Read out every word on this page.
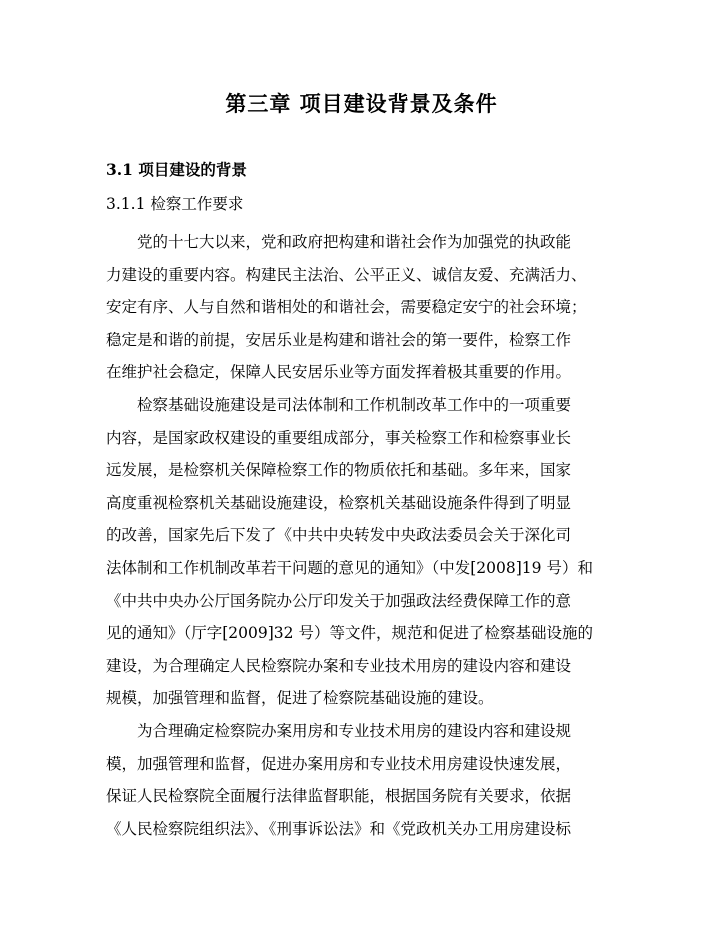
第三章 项目建设背景及条件
3.1 项目建设的背景
3.1.1 检察工作要求
　　党的十七大以来，党和政府把构建和谐社会作为加强党的执政能
力建设的重要内容。构建民主法治、公平正义、诚信友爱、充满活力、
安定有序、人与自然和谐相处的和谐社会，需要稳定安宁的社会环境；
稳定是和谐的前提，安居乐业是构建和谐社会的第一要件，检察工作
在维护社会稳定，保障人民安居乐业等方面发挥着极其重要的作用。
　　检察基础设施建设是司法体制和工作机制改革工作中的一项重要
内容，是国家政权建设的重要组成部分，事关检察工作和检察事业长
远发展，是检察机关保障检察工作的物质依托和基础。多年来，国家
高度重视检察机关基础设施建设，检察机关基础设施条件得到了明显
的改善，国家先后下发了《中共中央转发中央政法委员会关于深化司
法体制和工作机制改革若干问题的意见的通知》（中发[2008]19 号）和
《中共中央办公厅国务院办公厅印发关于加强政法经费保障工作的意
见的通知》（厅字[2009]32 号）等文件，规范和促进了检察基础设施的
建设，为合理确定人民检察院办案和专业技术用房的建设内容和建设
规模，加强管理和监督，促进了检察院基础设施的建设。
　　为合理确定检察院办案用房和专业技术用房的建设内容和建设规
模，加强管理和监督，促进办案用房和专业技术用房建设快速发展，
保证人民检察院全面履行法律监督职能，根据国务院有关要求，依据
《人民检察院组织法》、《刑事诉讼法》和《党政机关办工用房建设标
